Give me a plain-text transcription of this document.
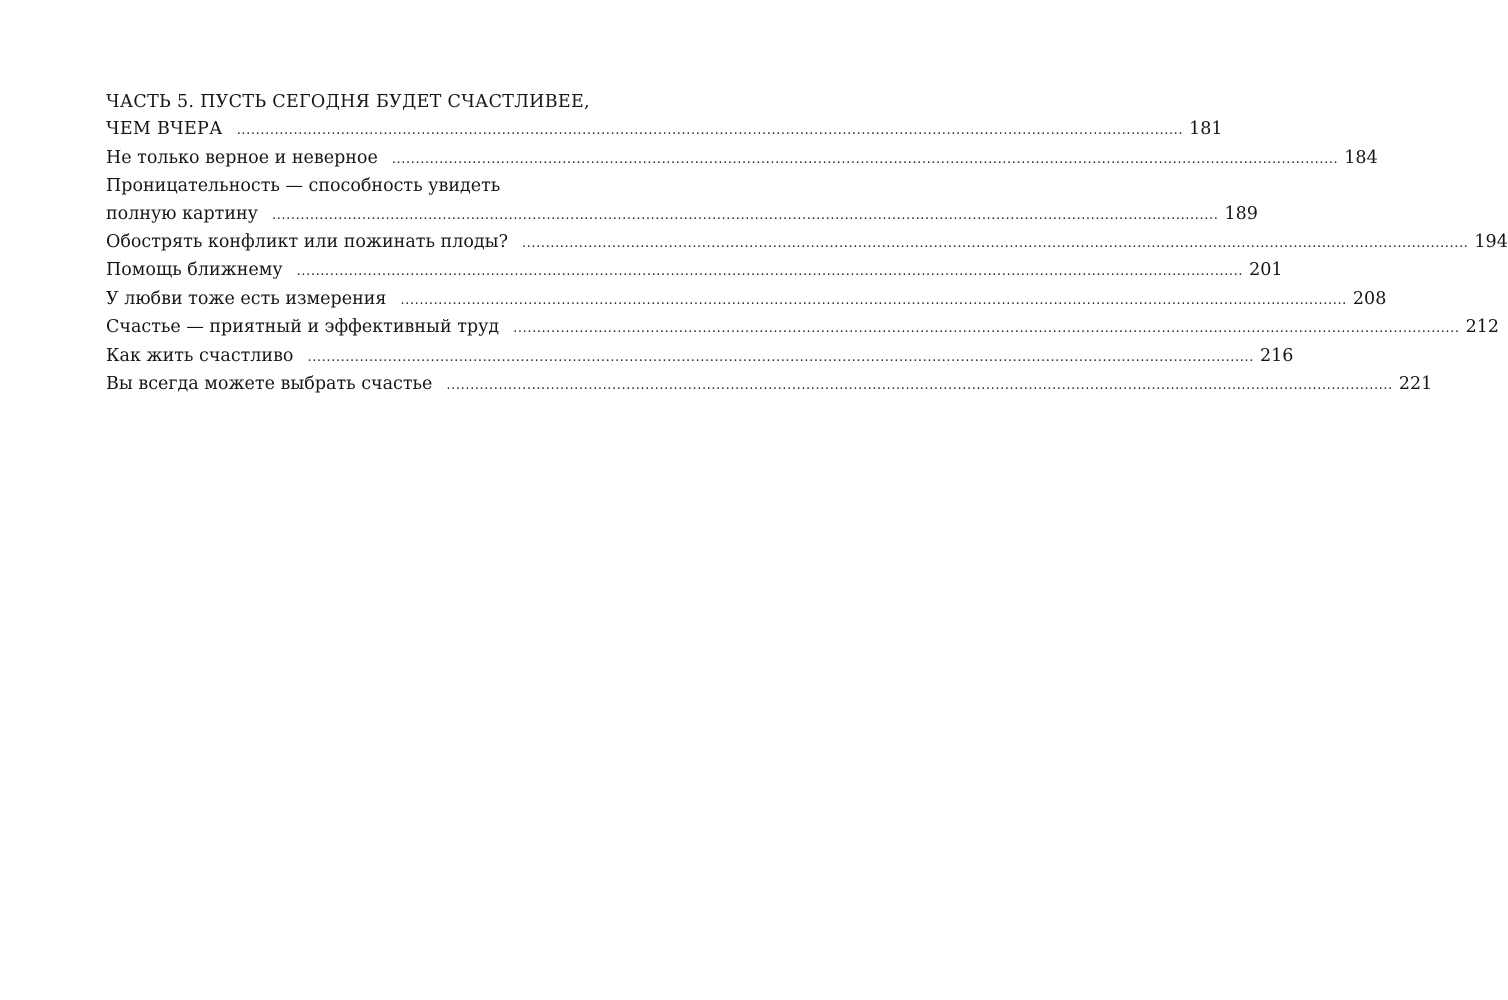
ЧАСТЬ 5. ПУСТЬ СЕГОДНЯ БУДЕТ СЧАСТЛИВЕЕ,
ЧЕМ ВЧЕРА ........................................................................................................................................................................................................ 181
Не только верное и неверное ........................................................................................................................................................................................................ 184
Проницательность — способность увидеть
полную картину ........................................................................................................................................................................................................ 189
Обострять конфликт или пожинать плоды? ........................................................................................................................................................................................................ 194
Помощь ближнему ........................................................................................................................................................................................................ 201
У любви тоже есть измерения ........................................................................................................................................................................................................ 208
Счастье — приятный и эффективный труд ........................................................................................................................................................................................................ 212
Как жить счастливо ........................................................................................................................................................................................................ 216
Вы всегда можете выбрать счастье ........................................................................................................................................................................................................ 221
